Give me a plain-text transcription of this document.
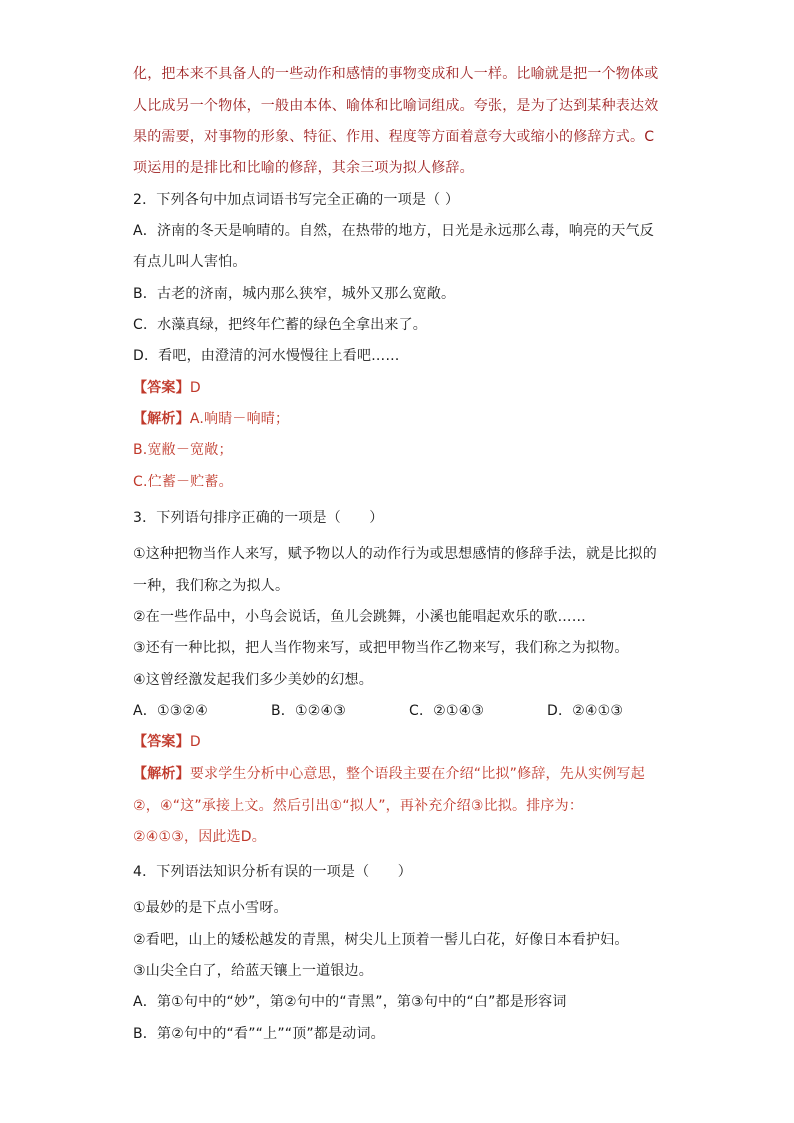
化，把本来不具备人的一些动作和感情的事物变成和人一样。比喻就是把一个物体或
人比成另一个物体，一般由本体、喻体和比喻词组成。夸张，是为了达到某种表达效
果的需要，对事物的形象、特征、作用、程度等方面着意夸大或缩小的修辞方式。C
项运用的是排比和比喻的修辞，其余三项为拟人修辞。
2．下列各句中加点词语书写完全正确的一项是（ ）
A．济南的冬天是响晴的。自然，在热带的地方，日光是永远那么毒，响亮的天气反
有点儿叫人害怕。
B．古老的济南，城内那么狭窄，城外又那么宽敞。
C．水藻真绿，把终年伫蓄的绿色全拿出来了。
D．看吧，由澄清的河水慢慢往上看吧……
【答案】D
【解析】A.响睛－响晴；
B.宽敝－宽敞；
C.伫蓄－贮蓄。
3．下列语句排序正确的一项是（　　）
①这种把物当作人来写，赋予物以人的动作行为或思想感情的修辞手法，就是比拟的
一种，我们称之为拟人。
②在一些作品中，小鸟会说话，鱼儿会跳舞，小溪也能唱起欢乐的歌……
③还有一种比拟，把人当作物来写，或把甲物当作乙物来写，我们称之为拟物。
④这曾经激发起我们多少美妙的幻想。
A．①③②④	B．①②④③	C．②①④③	D．②④①③
【答案】D
【解析】要求学生分析中心意思，整个语段主要在介绍“比拟”修辞，先从实例写起
②，④“这”承接上文。然后引出①“拟人”，再补充介绍③比拟。排序为：
②④①③，因此选D。
4．下列语法知识分析有误的一项是（　　）
①最妙的是下点小雪呀。
②看吧，山上的矮松越发的青黑，树尖儿上顶着一髻儿白花，好像日本看护妇。
③山尖全白了，给蓝天镶上一道银边。
A．第①句中的“妙”，第②句中的“青黑”，第③句中的“白”都是形容词
B．第②句中的“看”“上”“顶”都是动词。
